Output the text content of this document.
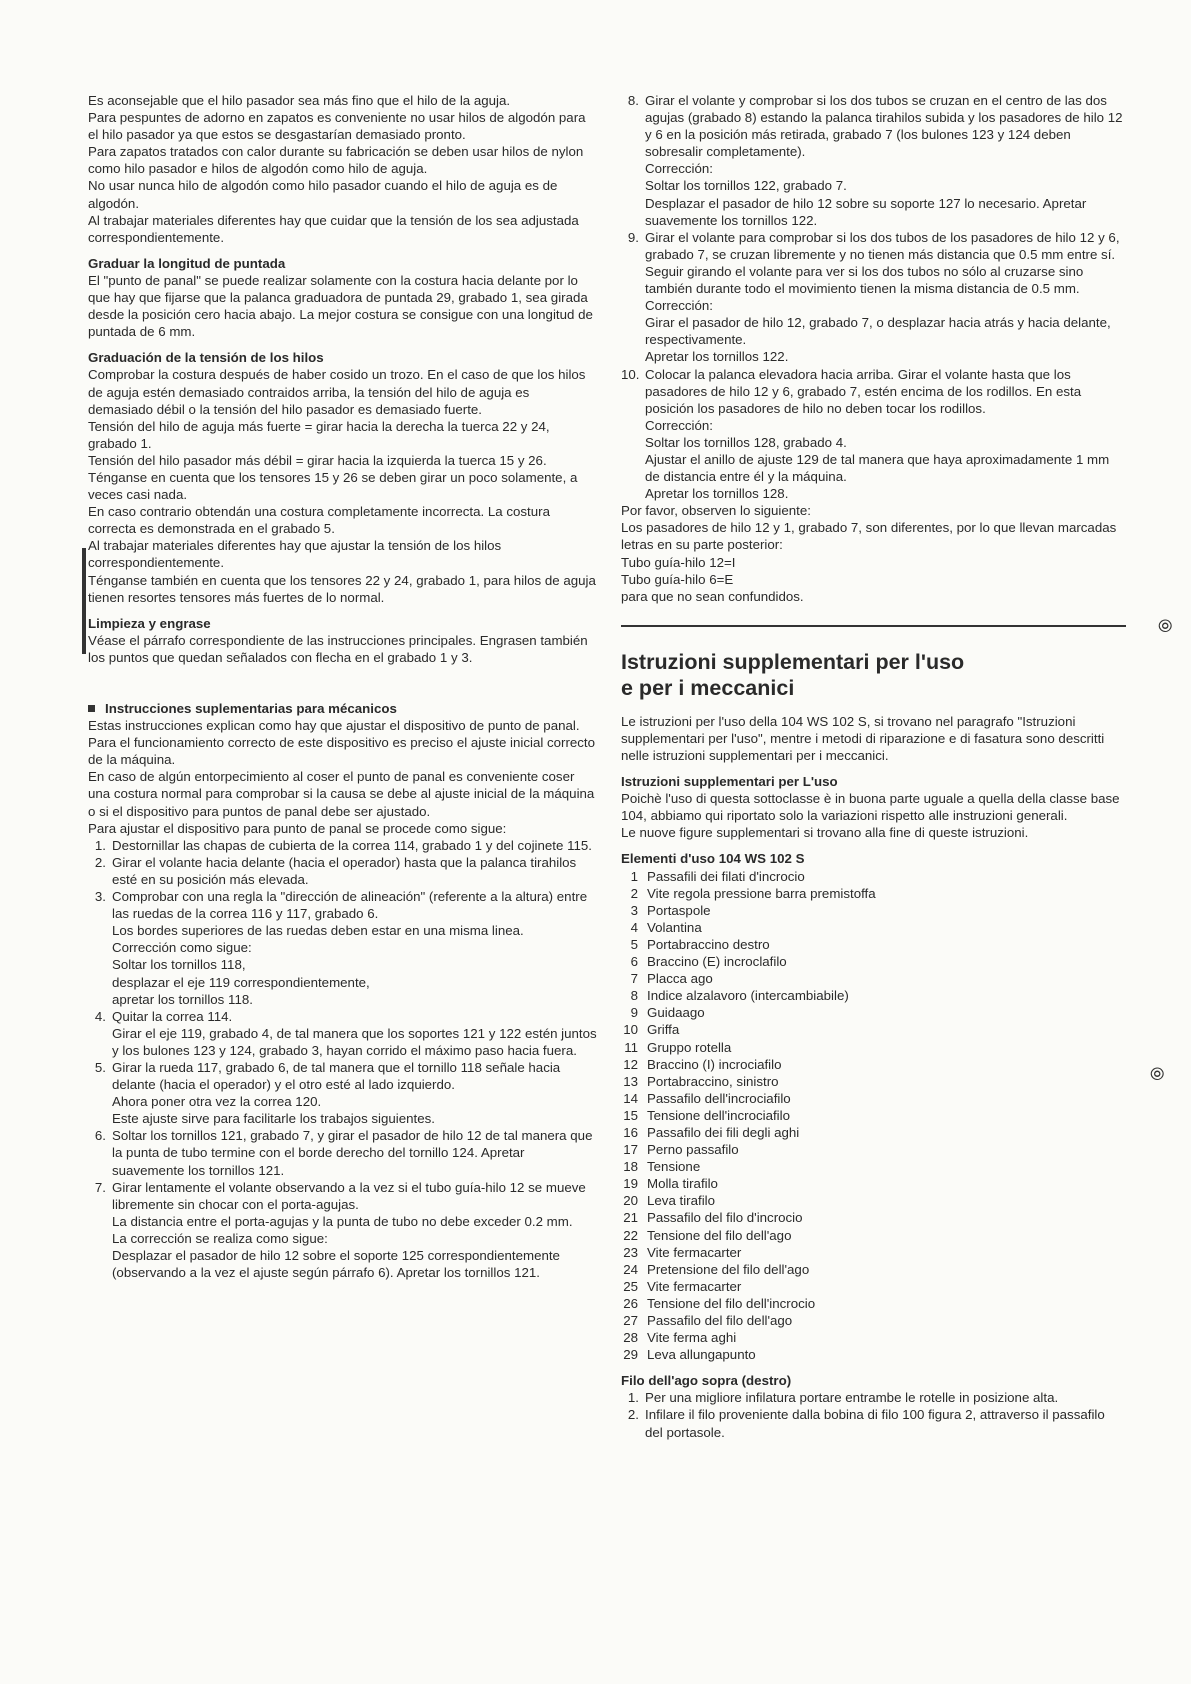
Es aconsejable que el hilo pasador sea más fino que el hilo de la aguja.

Para pespuntes de adorno en zapatos es conveniente no usar hilos de algodón para el hilo pasador ya que estos se desgastarían demasiado pronto.

Para zapatos tratados con calor durante su fabricación se deben usar hilos de nylon como hilo pasador e hilos de algodón como hilo de aguja.

No usar nunca hilo de algodón como hilo pasador cuando el hilo de aguja es de algodón.

Al trabajar materiales diferentes hay que cuidar que la tensión de los sea adjustada correspondientemente.

Graduar la longitud de puntada

El "punto de panal" se puede realizar solamente con la costura hacia delante por lo que hay que fijarse que la palanca graduadora de puntada 29, grabado 1, sea girada desde la posición cero hacia abajo. La mejor costura se consigue con una longitud de puntada de 6 mm.

Graduación de la tensión de los hilos

Comprobar la costura después de haber cosido un trozo. En el caso de que los hilos de aguja estén demasiado contraidos arriba, la tensión del hilo de aguja es demasiado débil o la tensión del hilo pasador es demasiado fuerte.

Tensión del hilo de aguja más fuerte = girar hacia la derecha la tuerca 22 y 24, grabado 1.

Tensión del hilo pasador más débil = girar hacia la izquierda la tuerca 15 y 26.

Ténganse en cuenta que los tensores 15 y 26 se deben girar un poco solamente, a veces casi nada.

En caso contrario obtendán una costura completamente incorrecta. La costura correcta es demonstrada en el grabado 5.

Al trabajar materiales diferentes hay que ajustar la tensión de los hilos correspondientemente.

Ténganse también en cuenta que los tensores 22 y 24, grabado 1, para hilos de aguja tienen resortes tensores más fuertes de lo normal.

Limpieza y engrase

Véase el párrafo correspondiente de las instrucciones principales. Engrasen también los puntos que quedan señalados con flecha en el grabado 1 y 3.

Instrucciones suplementarias para mécanicos

Estas instrucciones explican como hay que ajustar el dispositivo de punto de panal. Para el funcionamiento correcto de este dispositivo es preciso el ajuste inicial correcto de la máquina.

En caso de algún entorpecimiento al coser el punto de panal es conveniente coser una costura normal para comprobar si la causa se debe al ajuste inicial de la máquina o si el dispositivo para puntos de panal debe ser ajustado.

Para ajustar el dispositivo para punto de panal se procede como sigue:

1. Destornillar las chapas de cubierta de la correa 114, grabado 1 y del cojinete 115.
2. Girar el volante hacia delante (hacia el operador) hasta que la palanca tirahilos esté en su posición más elevada.
3. Comprobar con una regla la "dirección de alineación" (referente a la altura) entre las ruedas de la correa 116 y 117, grabado 6.
Los bordes superiores de las ruedas deben estar en una misma linea.
Corrección como sigue:
Soltar los tornillos 118,
desplazar el eje 119 correspondientemente,
apretar los tornillos 118.
4. Quitar la correa 114.
Girar el eje 119, grabado 4, de tal manera que los soportes 121 y 122 estén juntos y los bulones 123 y 124, grabado 3, hayan corrido el máximo paso hacia fuera.
5. Girar la rueda 117, grabado 6, de tal manera que el tornillo 118 señale hacia delante (hacia el operador) y el otro esté al lado izquierdo.
Ahora poner otra vez la correa 120.
Este ajuste sirve para facilitarle los trabajos siguientes.
6. Soltar los tornillos 121, grabado 7, y girar el pasador de hilo 12 de tal manera que la punta de tubo termine con el borde derecho del tornillo 124. Apretar suavemente los tornillos 121.
7. Girar lentamente el volante observando a la vez si el tubo guía-hilo 12 se mueve libremente sin chocar con el porta-agujas.
La distancia entre el porta-agujas y la punta de tubo no debe exceder 0.2 mm.
La corrección se realiza como sigue:
Desplazar el pasador de hilo 12 sobre el soporte 125 correspondientemente (observando a la vez el ajuste según párrafo 6). Apretar los tornillos 121.
8. Girar el volante y comprobar si los dos tubos se cruzan en el centro de las dos agujas (grabado 8) estando la palanca tirahilos subida y los pasadores de hilo 12 y 6 en la posición más retirada, grabado 7 (los bulones 123 y 124 deben sobresalir completamente).
Corrección:
Soltar los tornillos 122, grabado 7.
Desplazar el pasador de hilo 12 sobre su soporte 127 lo necesario. Apretar suavemente los tornillos 122.
9. Girar el volante para comprobar si los dos tubos de los pasadores de hilo 12 y 6, grabado 7, se cruzan libremente y no tienen más distancia que 0.5 mm entre sí.
Seguir girando el volante para ver si los dos tubos no sólo al cruzarse sino también durante todo el movimiento tienen la misma distancia de 0.5 mm.
Corrección:
Girar el pasador de hilo 12, grabado 7, o desplazar hacia atrás y hacia delante, respectivamente.
Apretar los tornillos 122.
10. Colocar la palanca elevadora hacia arriba. Girar el volante hasta que los pasadores de hilo 12 y 6, grabado 7, estén encima de los rodillos. En esta posición los pasadores de hilo no deben tocar los rodillos.
Corrección:
Soltar los tornillos 128, grabado 4.
Ajustar el anillo de ajuste 129 de tal manera que haya aproximadamente 1 mm de distancia entre él y la máquina.
Apretar los tornillos 128.

Por favor, observen lo siguiente:

Los pasadores de hilo 12 y 1, grabado 7, son diferentes, por lo que llevan marcadas letras en su parte posterior:

Tubo guía-hilo 12=I

Tubo guía-hilo 6=E

para que no sean confundidos.

Istruzioni supplementari per l'uso
e per i meccanici

Le istruzioni per l'uso della 104 WS 102 S, si trovano nel paragrafo "Istruzioni supplementari per l'uso", mentre i metodi di riparazione e di fasatura sono descritti nelle istruzioni supplementari per i meccanici.

Istruzioni supplementari per L'uso

Poichè l'uso di questa sottoclasse è in buona parte uguale a quella della classe base 104, abbiamo qui riportato solo la variazioni rispetto alle instruzioni generali.

Le nuove figure supplementari si trovano alla fine di queste istruzioni.

Elementi d'uso 104 WS 102 S

1 Passafili dei filati d'incrocio
2 Vite regola pressione barra premistoffa
3 Portaspole
4 Volantina
5 Portabraccino destro
6 Braccino (E) incroclafilo
7 Placca ago
8 Indice alzalavoro (intercambiabile)
9 Guidaago
10 Griffa
11 Gruppo rotella
12 Braccino (I) incrociafilo
13 Portabraccino, sinistro
14 Passafilo dell'incrociafilo
15 Tensione dell'incrociafilo
16 Passafilo dei fili degli aghi
17 Perno passafilo
18 Tensione
19 Molla tirafilo
20 Leva tirafilo
21 Passafilo del filo d'incrocio
22 Tensione del filo dell'ago
23 Vite fermacarter
24 Pretensione del filo dell'ago
25 Vite fermacarter
26 Tensione del filo dell'incrocio
27 Passafilo del filo dell'ago
28 Vite ferma aghi
29 Leva allungapunto

Filo dell'ago sopra (destro)

1. Per una migliore infilatura portare entrambe le rotelle in posizione alta.
2. Infilare il filo proveniente dalla bobina di filo 100 figura 2, attraverso il passafilo del portasole.
⦾
⦾
